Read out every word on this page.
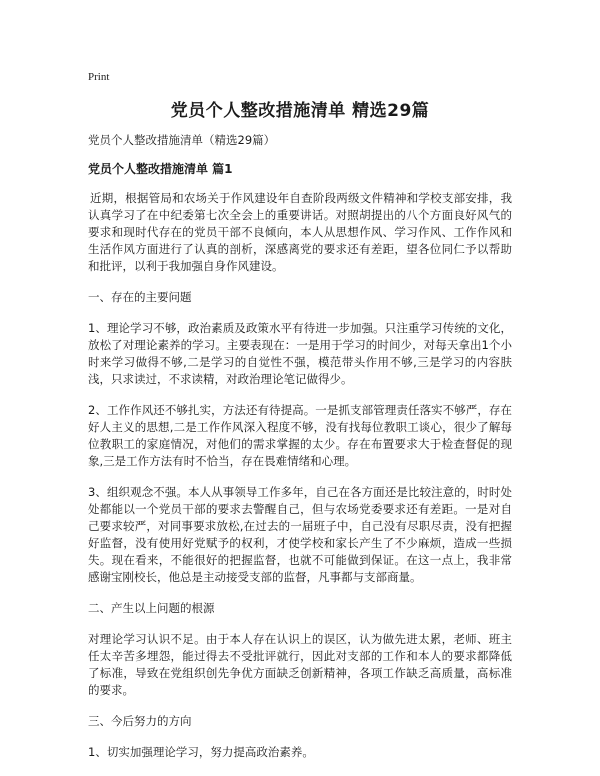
Print
党员个人整改措施清单 精选29篇

党员个人整改措施清单（精选29篇）

党员个人整改措施清单 篇1

近期，根据管局和农场关于作风建设年自查阶段两级文件精神和学校支部安排，我认真学习了在中纪委第七次全会上的重要讲话。对照胡提出的八个方面良好风气的要求和现时代存在的党员干部不良倾向，本人从思想作风、学习作风、工作作风和生活作风方面进行了认真的剖析，深感离党的要求还有差距，望各位同仁予以帮助和批评，以利于我加强自身作风建设。

一、存在的主要问题

1、理论学习不够，政治素质及政策水平有待进一步加强。只注重学习传统的文化，放松了对理论素养的学习。主要表现在：一是用于学习的时间少，对每天拿出1个小时来学习做得不够,二是学习的自觉性不强，模范带头作用不够,三是学习的内容肤浅，只求读过，不求读精，对政治理论笔记做得少。

2、工作作风还不够扎实，方法还有待提高。一是抓支部管理责任落实不够严，存在好人主义的思想,二是工作作风深入程度不够，没有找每位教职工谈心，很少了解每位教职工的家庭情况，对他们的需求掌握的太少。存在布置要求大于检查督促的现象,三是工作方法有时不恰当，存在畏难情绪和心理。

3、组织观念不强。本人从事领导工作多年，自己在各方面还是比较注意的，时时处处都能以一个党员干部的要求去警醒自己，但与农场党委要求还有差距。一是对自己要求较严，对同事要求放松,在过去的一届班子中，自己没有尽职尽责，没有把握好监督，没有使用好党赋予的权利，才使学校和家长产生了不少麻烦，造成一些损失。现在看来，不能很好的把握监督，也就不可能做到保证。在这一点上，我非常感谢宝刚校长，他总是主动接受支部的监督，凡事都与支部商量。

二、产生以上问题的根源

对理论学习认识不足。由于本人存在认识上的误区，认为做先进太累，老师、班主任太辛苦多埋怨，能过得去不受批评就行，因此对支部的工作和本人的要求都降低了标准，导致在党组织创先争优方面缺乏创新精神，各项工作缺乏高质量，高标准的要求。

三、今后努力的方向

1、切实加强理论学习，努力提高政治素养。
